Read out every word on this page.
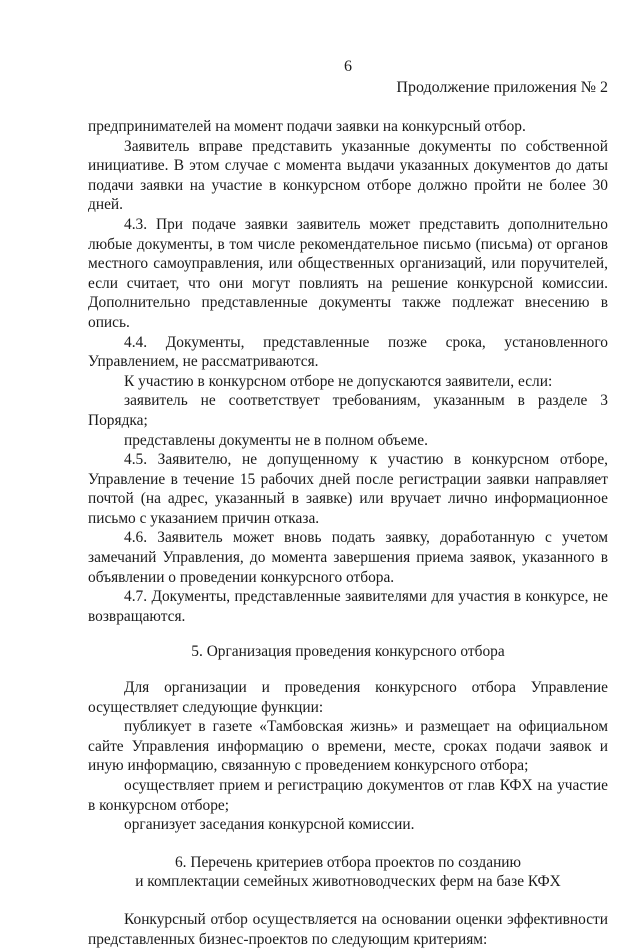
6
Продолжение приложения № 2

предпринимателей на момент подачи заявки на конкурсный отбор.

Заявитель вправе представить указанные документы по собственной инициативе. В этом случае с момента выдачи указанных документов до даты подачи заявки на участие в конкурсном отборе должно пройти не более 30 дней.

4.3. При подаче заявки заявитель может представить дополнительно любые документы, в том числе рекомендательное письмо (письма) от органов местного самоуправления, или общественных организаций, или поручителей, если считает, что они могут повлиять на решение конкурсной комиссии. Дополнительно представленные документы также подлежат внесению в опись.

4.4. Документы, представленные позже срока, установленного Управлением, не рассматриваются.

К участию в конкурсном отборе не допускаются заявители, если:

заявитель не соответствует требованиям, указанным в разделе 3 Порядка;

представлены документы не в полном объеме.

4.5. Заявителю, не допущенному к участию в конкурсном отборе, Управление в течение 15 рабочих дней после регистрации заявки направляет почтой (на адрес, указанный в заявке) или вручает лично информационное письмо с указанием причин отказа.

4.6. Заявитель может вновь подать заявку, доработанную с учетом замечаний Управления, до момента завершения приема заявок, указанного в объявлении о проведении конкурсного отбора.

4.7. Документы, представленные заявителями для участия в конкурсе, не возвращаются.

5. Организация проведения конкурсного отбора

Для организации и проведения конкурсного отбора Управление осуществляет следующие функции:

публикует в газете «Тамбовская жизнь» и размещает на официальном сайте Управления информацию о времени, месте, сроках подачи заявок и иную информацию, связанную с проведением конкурсного отбора;

осуществляет прием и регистрацию документов от глав КФХ на участие в конкурсном отборе;

организует заседания конкурсной комиссии.

6. Перечень критериев отбора проектов по созданию
и комплектации семейных животноводческих ферм на базе КФХ

Конкурсный отбор осуществляется на основании оценки эффективности представленных бизнес-проектов по следующим критериям:
